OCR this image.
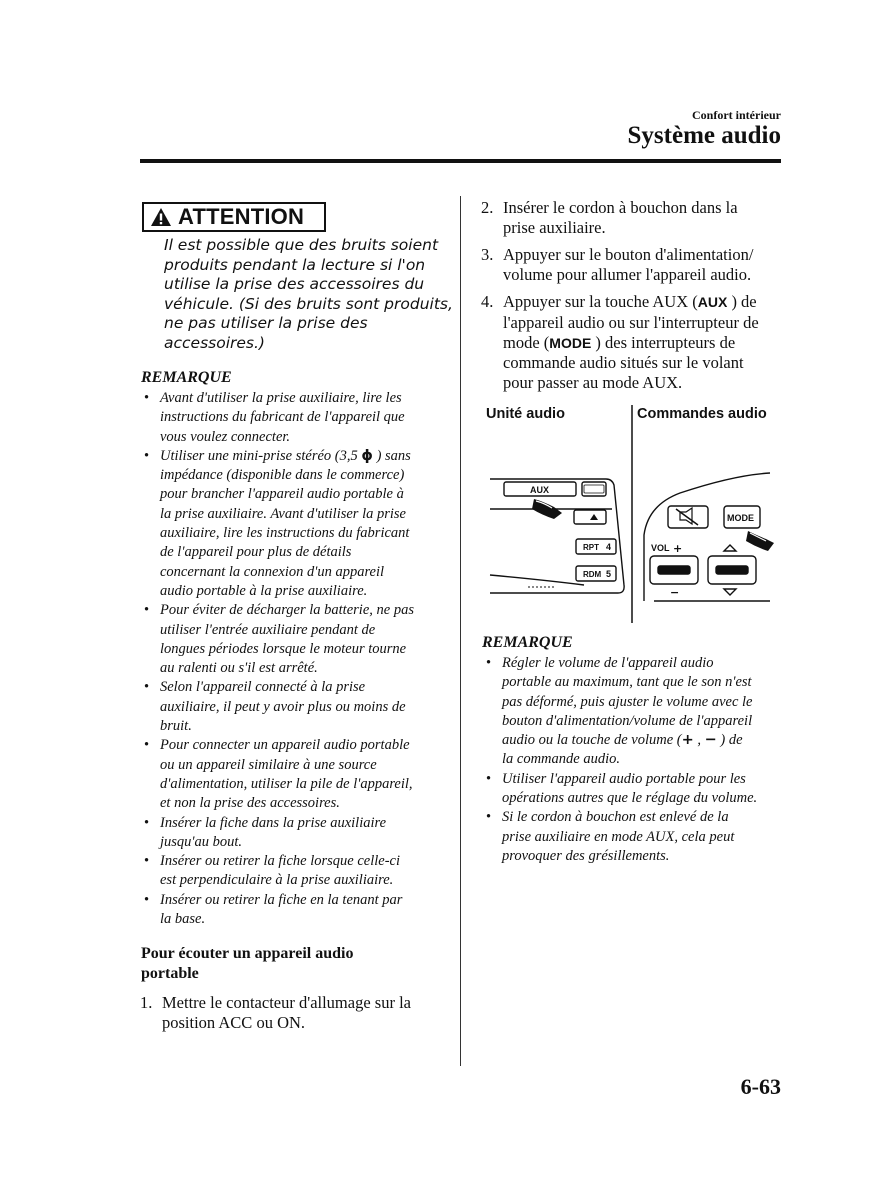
Confort intérieur
Système audio
ATTENTION
Il est possible que des bruits soient
produits pendant la lecture si l'on
utilise la prise des accessoires du
véhicule. (Si des bruits sont produits,
ne pas utiliser la prise des
accessoires.)
REMARQUE
• Avant d'utiliser la prise auxiliaire, lire les
instructions du fabricant de l'appareil que
vous voulez connecter.
• Utiliser une mini-prise stéréo (3,5 ϕ ) sans
impédance (disponible dans le commerce)
pour brancher l'appareil audio portable à
la prise auxiliaire. Avant d'utiliser la prise
auxiliaire, lire les instructions du fabricant
de l'appareil pour plus de détails
concernant la connexion d'un appareil
audio portable à la prise auxiliaire.
• Pour éviter de décharger la batterie, ne pas
utiliser l'entrée auxiliaire pendant de
longues périodes lorsque le moteur tourne
au ralenti ou s'il est arrêté.
• Selon l'appareil connecté à la prise
auxiliaire, il peut y avoir plus ou moins de
bruit.
• Pour connecter un appareil audio portable
ou un appareil similaire à une source
d'alimentation, utiliser la pile de l'appareil,
et non la prise des accessoires.
• Insérer la fiche dans la prise auxiliaire
jusqu'au bout.
• Insérer ou retirer la fiche lorsque celle-ci
est perpendiculaire à la prise auxiliaire.
• Insérer ou retirer la fiche en la tenant par
la base.
Pour écouter un appareil audio
portable
1. Mettre le contacteur d'allumage sur la
position ACC ou ON.
2. Insérer le cordon à bouchon dans la
prise auxiliaire.
3. Appuyer sur le bouton d'alimentation/
volume pour allumer l'appareil audio.
4. Appuyer sur la touche AUX (AUX ) de
l'appareil audio ou sur l'interrupteur de
mode (MODE ) des interrupteurs de
commande audio situés sur le volant
pour passer au mode AUX.
Unité audio	Commandes audio
AUX
RPT 4
RDM 5
MODE
VOL +
−
REMARQUE
• Régler le volume de l'appareil audio
portable au maximum, tant que le son n'est
pas déformé, puis ajuster le volume avec le
bouton d'alimentation/volume de l'appareil
audio ou la touche de volume (+ , − ) de
la commande audio.
• Utiliser l'appareil audio portable pour les
opérations autres que le réglage du volume.
• Si le cordon à bouchon est enlevé de la
prise auxiliaire en mode AUX, cela peut
provoquer des grésillements.
6-63
